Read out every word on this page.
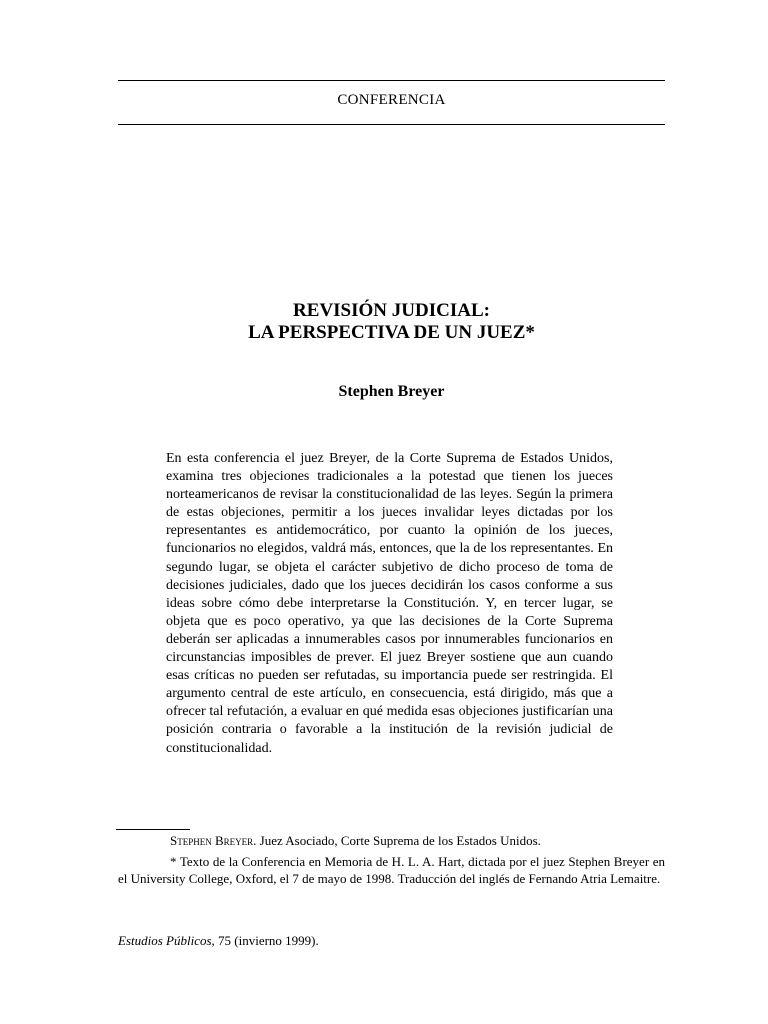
CONFERENCIA
REVISIÓN JUDICIAL:
LA PERSPECTIVA DE UN JUEZ*
Stephen Breyer
En esta conferencia el juez Breyer, de la Corte Suprema de Estados Unidos, examina tres objeciones tradicionales a la potestad que tienen los jueces norteamericanos de revisar la constitucionalidad de las leyes. Según la primera de estas objeciones, permitir a los jueces invalidar leyes dictadas por los representantes es antidemocrático, por cuanto la opinión de los jueces, funcionarios no elegidos, valdrá más, entonces, que la de los representantes. En segundo lugar, se objeta el carácter subjetivo de dicho proceso de toma de decisiones judiciales, dado que los jueces decidirán los casos conforme a sus ideas sobre cómo debe interpretarse la Constitución. Y, en tercer lugar, se objeta que es poco operativo, ya que las decisiones de la Corte Suprema deberán ser aplicadas a innumerables casos por innumerables funcionarios en circunstancias imposibles de prever. El juez Breyer sostiene que aun cuando esas críticas no pueden ser refutadas, su importancia puede ser restringida. El argumento central de este artículo, en consecuencia, está dirigido, más que a ofrecer tal refutación, a evaluar en qué medida esas objeciones justificarían una posición contraria o favorable a la institución de la revisión judicial de constitucionalidad.
Stephen Breyer. Juez Asociado, Corte Suprema de los Estados Unidos.
* Texto de la Conferencia en Memoria de H. L. A. Hart, dictada por el juez Stephen Breyer en el University College, Oxford, el 7 de mayo de 1998. Traducción del inglés de Fernando Atria Lemaitre.
Estudios Públicos, 75 (invierno 1999).
